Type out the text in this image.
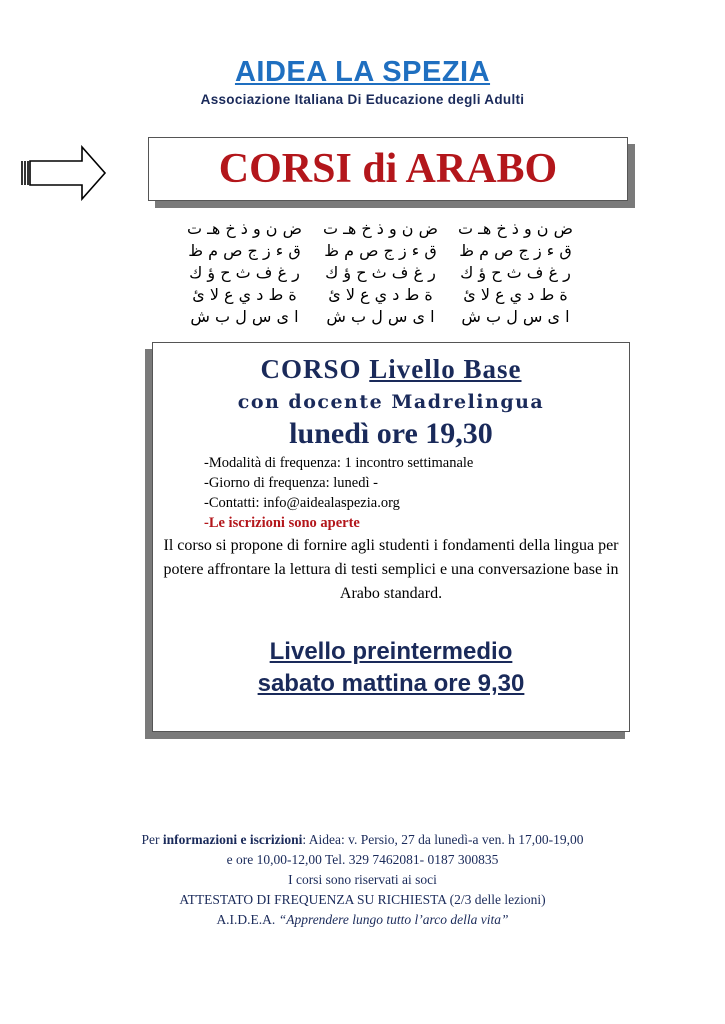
AIDEA LA SPEZIA
Associazione Italiana Di Educazione degli Adulti
CORSI di ARABO
ض ن و ذ خ هـ ت
ق ء ز ج ص م ظ
ر غ ف ث ح ؤ ك
ة ط د ي ع لا ئ
ا ى س ل ب ش
ض ن و ذ خ هـ ت
ق ء ز ج ص م ظ
ر غ ف ث ح ؤ ك
ة ط د ي ع لا ئ
ا ى س ل ب ش
ض ن و ذ خ هـ ت
ق ء ز ج ص م ظ
ر غ ف ث ح ؤ ك
ة ط د ي ع لا ئ
ا ى س ل ب ش
CORSO Livello Base
con docente Madrelingua
lunedì ore 19,30
-Modalità di frequenza: 1 incontro settimanale
-Giorno di frequenza: lunedì -
-Contatti: info@aidealaspezia.org
-Le iscrizioni sono aperte
Il corso si propone di fornire agli studenti i fondamenti della lingua per potere affrontare la lettura di testi semplici e una conversazione base in Arabo standard.
Livello preintermedio
sabato mattina ore 9,30
Per informazioni e iscrizioni: Aidea: v. Persio, 27 da lunedì-a ven. h 17,00-19,00
e ore 10,00-12,00 Tel. 329 7462081- 0187 300835
I corsi sono riservati ai soci
ATTESTATO DI FREQUENZA SU RICHIESTA (2/3 delle lezioni)
A.I.D.E.A. “Apprendere lungo tutto l’arco della vita”
